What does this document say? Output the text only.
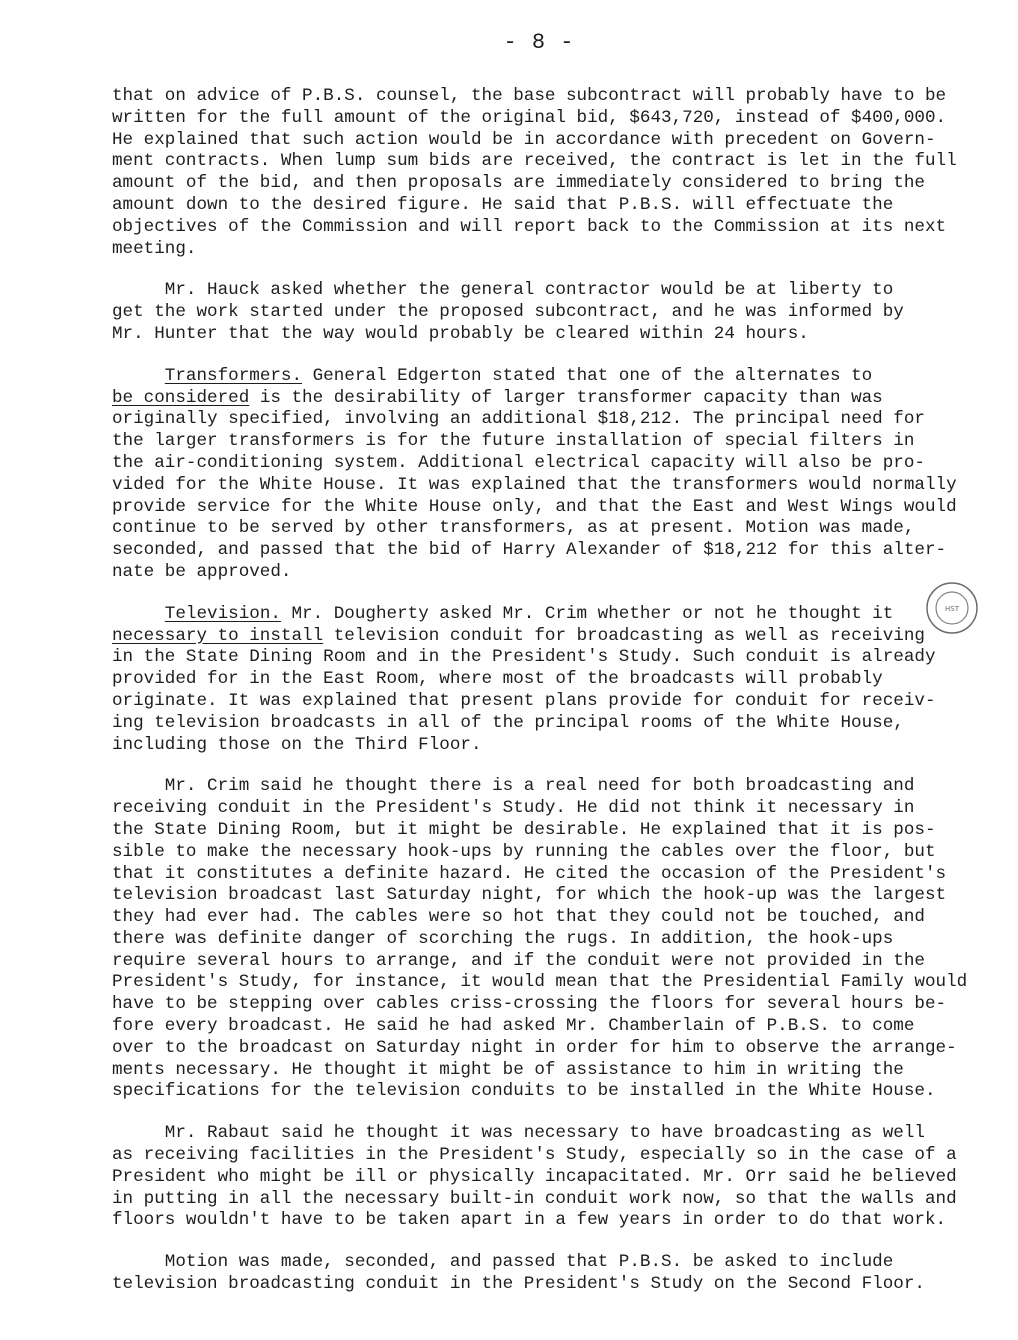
- 8 -
that on advice of P.B.S. counsel, the base subcontract will probably have to be
written for the full amount of the original bid, $643,720, instead of $400,000.
He explained that such action would be in accordance with precedent on Govern-
ment contracts. When lump sum bids are received, the contract is let in the full
amount of the bid, and then proposals are immediately considered to bring the
amount down to the desired figure. He said that P.B.S. will effectuate the
objectives of the Commission and will report back to the Commission at its next
meeting.
Mr. Hauck asked whether the general contractor would be at liberty to
get the work started under the proposed subcontract, and he was informed by
Mr. Hunter that the way would probably be cleared within 24 hours.
Transformers. General Edgerton stated that one of the alternates to
be considered is the desirability of larger transformer capacity than was
originally specified, involving an additional $18,212. The principal need for
the larger transformers is for the future installation of special filters in
the air-conditioning system. Additional electrical capacity will also be pro-
vided for the White House. It was explained that the transformers would normally
provide service for the White House only, and that the East and West Wings would
continue to be served by other transformers, as at present. Motion was made,
seconded, and passed that the bid of Harry Alexander of $18,212 for this alter-
nate be approved.
Television. Mr. Dougherty asked Mr. Crim whether or not he thought it
necessary to install television conduit for broadcasting as well as receiving
in the State Dining Room and in the President's Study. Such conduit is already
provided for in the East Room, where most of the broadcasts will probably
originate. It was explained that present plans provide for conduit for receiv-
ing television broadcasts in all of the principal rooms of the White House,
including those on the Third Floor.
Mr. Crim said he thought there is a real need for both broadcasting and
receiving conduit in the President's Study. He did not think it necessary in
the State Dining Room, but it might be desirable. He explained that it is pos-
sible to make the necessary hook-ups by running the cables over the floor, but
that it constitutes a definite hazard. He cited the occasion of the President's
television broadcast last Saturday night, for which the hook-up was the largest
they had ever had. The cables were so hot that they could not be touched, and
there was definite danger of scorching the rugs. In addition, the hook-ups
require several hours to arrange, and if the conduit were not provided in the
President's Study, for instance, it would mean that the Presidential Family would
have to be stepping over cables criss-crossing the floors for several hours be-
fore every broadcast. He said he had asked Mr. Chamberlain of P.B.S. to come
over to the broadcast on Saturday night in order for him to observe the arrange-
ments necessary. He thought it might be of assistance to him in writing the
specifications for the television conduits to be installed in the White House.
Mr. Rabaut said he thought it was necessary to have broadcasting as well
as receiving facilities in the President's Study, especially so in the case of a
President who might be ill or physically incapacitated. Mr. Orr said he believed
in putting in all the necessary built-in conduit work now, so that the walls and
floors wouldn't have to be taken apart in a few years in order to do that work.
Motion was made, seconded, and passed that P.B.S. be asked to include
television broadcasting conduit in the President's Study on the Second Floor.
HST
